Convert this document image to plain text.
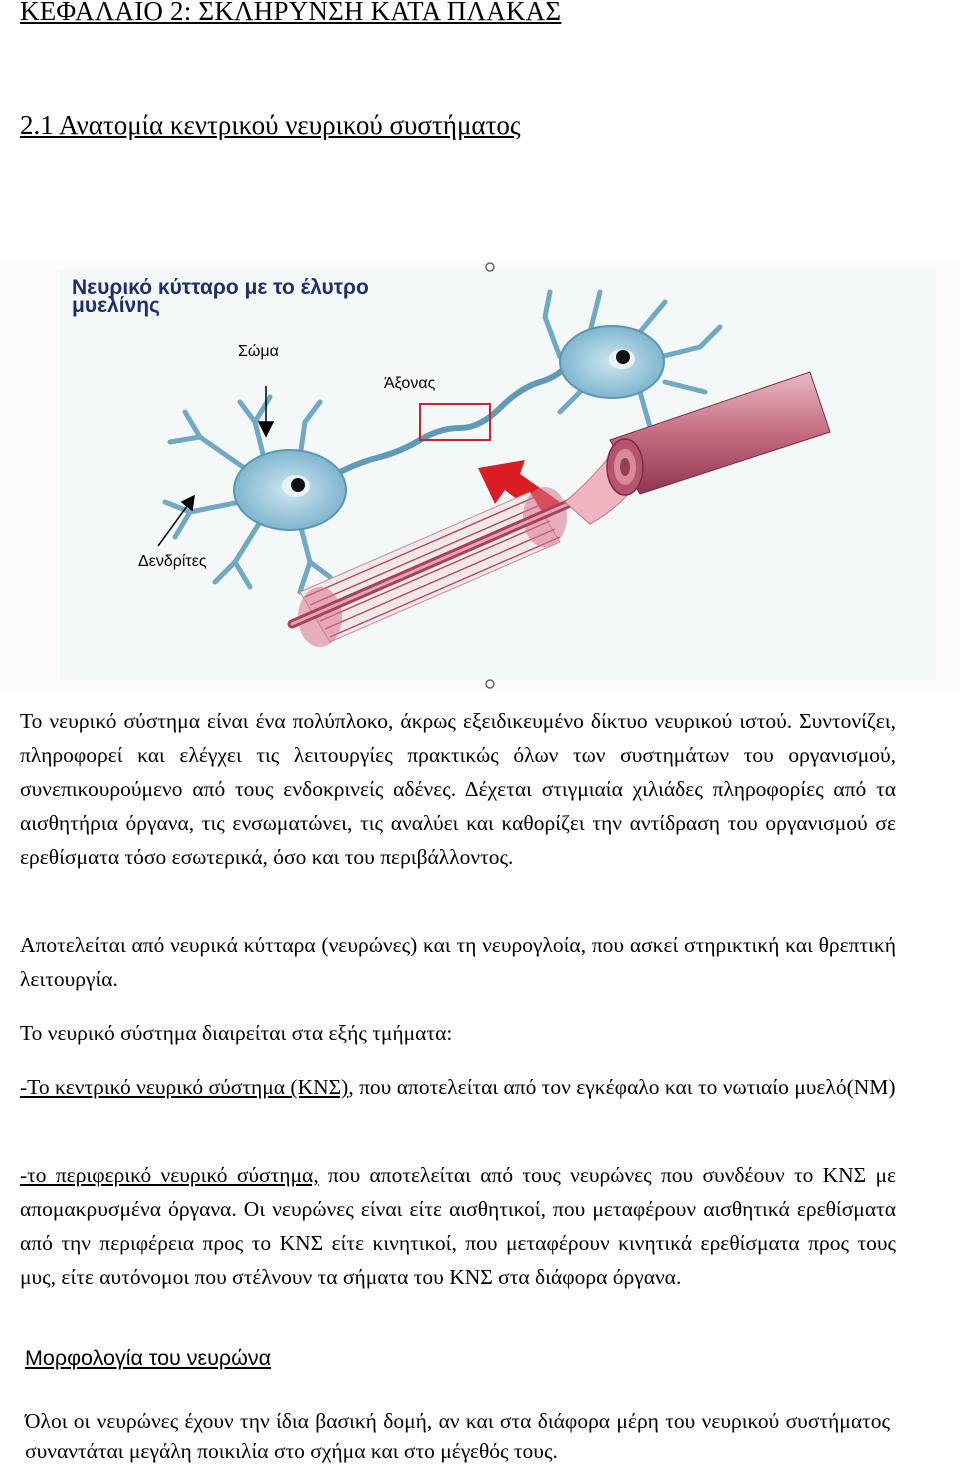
ΚΕΦΑΛΑΙΟ 2: ΣΚΛΗΡΥΝΣΗ ΚΑΤΑ ΠΛΑΚΑΣ
2.1 Ανατομία κεντρικού νευρικού συστήματος
Νευρικό κύτταρο με το έλυτρο
μυελίνης
Σώμα
Άξονας
Δενδρίτες

Το νευρικό σύστημα είναι ένα πολύπλοκο, άκρως εξειδικευμένο δίκτυο νευρικού ιστού. Συντονίζει, πληροφορεί και ελέγχει τις λειτουργίες πρακτικώς όλων των συστημάτων του οργανισμού, συνεπικουρούμενο από τους ενδοκρινείς αδένες. Δέχεται στιγμιαία χιλιάδες πληροφορίες από τα αισθητήρια όργανα, τις ενσωματώνει, τις αναλύει και καθορίζει την αντίδραση του οργανισμού σε ερεθίσματα τόσο εσωτερικά, όσο και του περιβάλλοντος.

Αποτελείται από νευρικά κύτταρα (νευρώνες) και τη νευρογλοία, που ασκεί στηρικτική και θρεπτική λειτουργία.

Το νευρικό σύστημα διαιρείται στα εξής τμήματα:

-Το κεντρικό νευρικό σύστημα (ΚΝΣ), που αποτελείται από τον εγκέφαλο και το νωτιαίο μυελό(ΝΜ)

-το περιφερικό νευρικό σύστημα, που αποτελείται από τους νευρώνες που συνδέουν το ΚΝΣ με απομακρυσμένα όργανα. Οι νευρώνες είναι είτε αισθητικοί, που μεταφέρουν αισθητικά ερεθίσματα από την περιφέρεια προς το ΚΝΣ είτε κινητικοί, που μεταφέρουν κινητικά ερεθίσματα προς τους μυς, είτε αυτόνομοι που στέλνουν τα σήματα του ΚΝΣ στα διάφορα όργανα.

Μορφολογία του νευρώνα

Όλοι οι νευρώνες έχουν την ίδια βασική δομή, αν και στα διάφορα μέρη του νευρικού συστήματος συναντάται μεγάλη ποικιλία στο σχήμα και στο μέγεθός τους.
